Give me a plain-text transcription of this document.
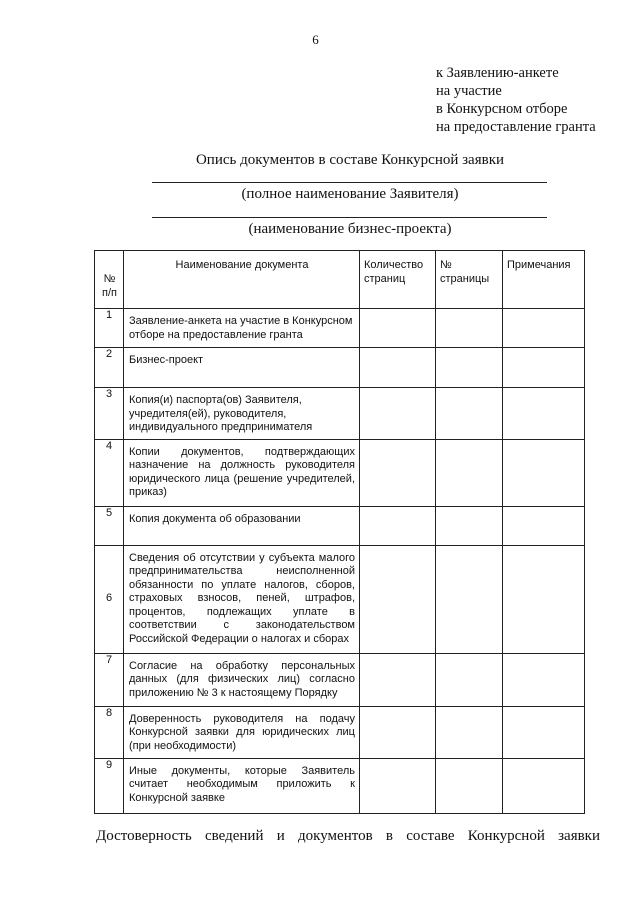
6
к Заявлению-анкете
на участие
в Конкурсном отборе
на предоставление гранта
Опись документов в составе Конкурсной заявки
(полное наименование Заявителя)
(наименование бизнес-проекта)
№ п/п	Наименование документа	Количество страниц	№ страницы	Примечания

1	Заявление-анкета на участие в Конкурсном отборе на предоставление гранта			

2	Бизнес-проект			

3	Копия(и) паспорта(ов) Заявителя, учредителя(ей), руководителя, индивидуального предпринимателя			

4	Копии документов, подтверждающих назначение на должность руководителя юридического лица (решение учредителей, приказ)			

5	Копия документа об образовании			

6	Сведения об отсутствии у субъекта малого предпринимательства неисполненной обязанности по уплате налогов, сборов, страховых взносов, пеней, штрафов, процентов, подлежащих уплате в соответствии с законодательством Российской Федерации о налогах и сборах			

7	Согласие на обработку персональных данных (для физических лиц) согласно приложению № 3 к настоящему Порядку			

8	Доверенность руководителя на подачу Конкурсной заявки для юридических лиц (при необходимости)			

9	Иные документы, которые Заявитель считает необходимым приложить к Конкурсной заявке			

Достоверность сведений и документов в составе Конкурсной заявки
